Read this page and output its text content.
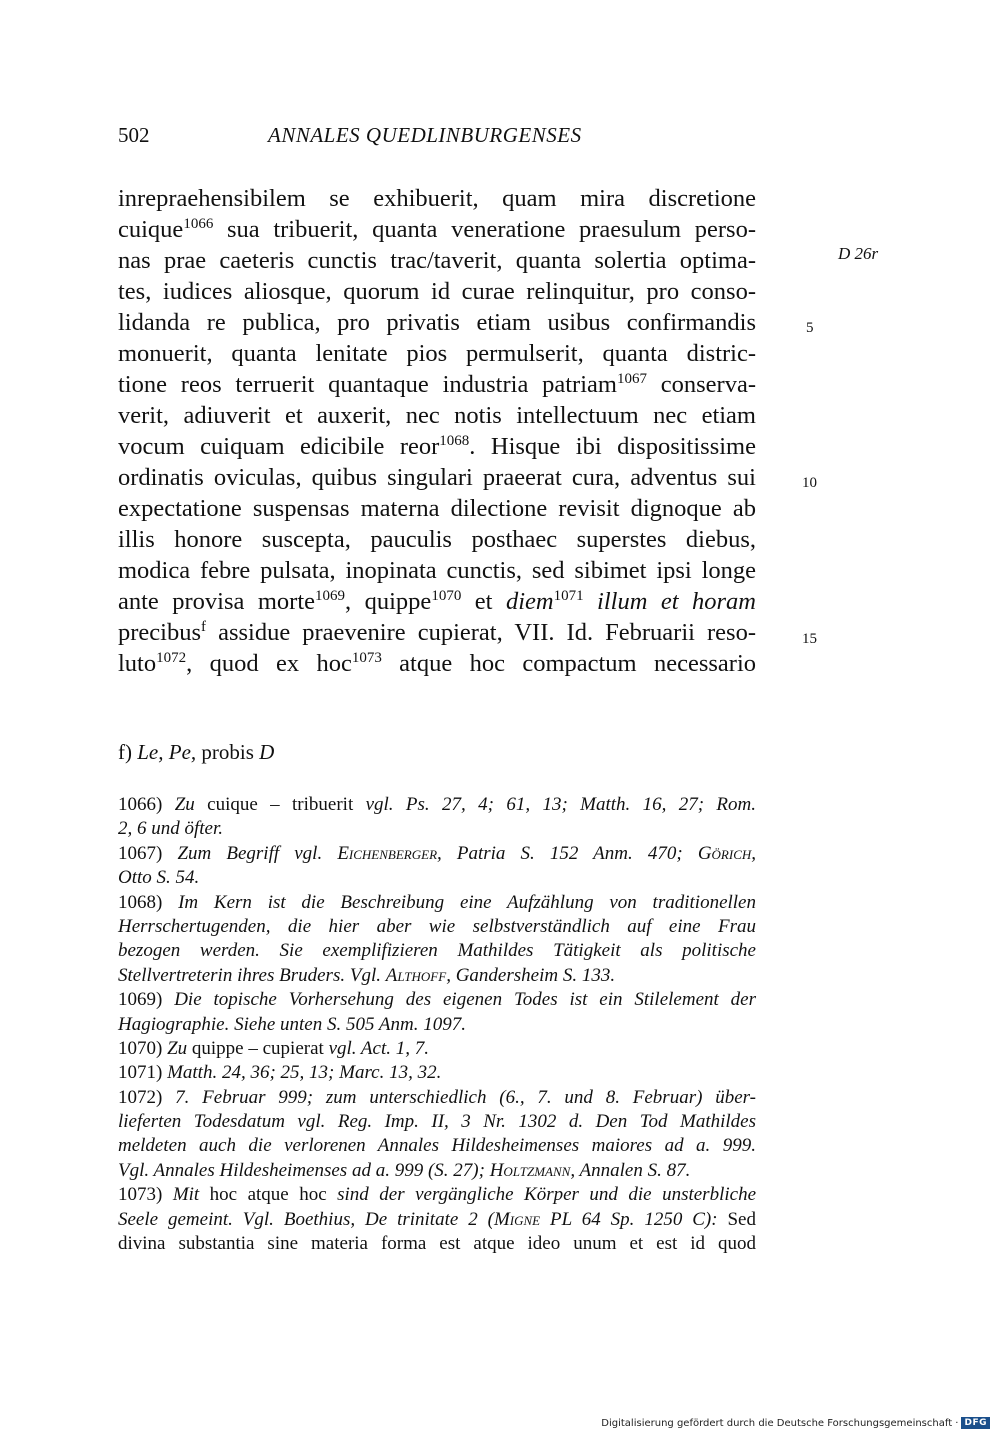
502	ANNALES QUEDLINBURGENSES
D 26r
5
10
15
inrepraehensibilem se exhibuerit, quam mira discretione
cuique$^{1066}$ sua tribuerit, quanta veneratione praesulum perso-
nas prae caeteris cunctis trac/taverit, quanta solertia optima-
tes, iudices aliosque, quorum id curae relinquitur, pro conso-
lidanda re publica, pro privatis etiam usibus confirmandis
monuerit, quanta lenitate pios permulserit, quanta distric-
tione reos terruerit quantaque industria patriam$^{1067}$ conserva-
verit, adiuverit et auxerit, nec notis intellectuum nec etiam
vocum cuiquam edicibile reor$^{1068}$. Hisque ibi dispositissime
ordinatis oviculas, quibus singulari praeerat cura, adventus sui
expectatione suspensas materna dilectione revisit dignoque ab
illis honore suscepta, pauculis posthaec superstes diebus,
modica febre pulsata, inopinata cunctis, sed sibimet ipsi longe
ante provisa morte$^{1069}$, quippe$^{1070}$ et diem$^{1071}$ illum et horam
precibus$^f$ assidue praevenire cupierat, VII. Id. Februarii reso-
luto$^{1072}$, quod ex hoc$^{1073}$ atque hoc compactum necessario
f) Le, Pe, probis D
1066) Zu cuique – tribuerit vgl. Ps. 27, 4; 61, 13; Matth. 16, 27; Rom.
2, 6 und öfter.
1067) Zum Begriff vgl. Eichenberger, Patria S. 152 Anm. 470; Görich,
Otto S. 54.
1068) Im Kern ist die Beschreibung eine Aufzählung von traditionellen
Herrschertugenden, die hier aber wie selbstverständlich auf eine Frau
bezogen werden. Sie exemplifizieren Mathildes Tätigkeit als politische
Stellvertreterin ihres Bruders. Vgl. Althoff, Gandersheim S. 133.
1069) Die topische Vorhersehung des eigenen Todes ist ein Stilelement der
Hagiographie. Siehe unten S. 505 Anm. 1097.
1070) Zu quippe – cupierat vgl. Act. 1, 7.
1071) Matth. 24, 36; 25, 13; Marc. 13, 32.
1072) 7. Februar 999; zum unterschiedlich (6., 7. und 8. Februar) über-
lieferten Todesdatum vgl. Reg. Imp. II, 3 Nr. 1302 d. Den Tod Mathildes
meldeten auch die verlorenen Annales Hildesheimenses maiores ad a. 999.
Vgl. Annales Hildesheimenses ad a. 999 (S. 27); Holtzmann, Annalen S. 87.
1073) Mit hoc atque hoc sind der vergängliche Körper und die unsterbliche
Seele gemeint. Vgl. Boethius, De trinitate 2 (Migne PL 64 Sp. 1250 C): Sed
divina substantia sine materia forma est atque ideo unum et est id quod
Digitalisierung gefördert durch die Deutsche Forschungsgemeinschaft · DFG
